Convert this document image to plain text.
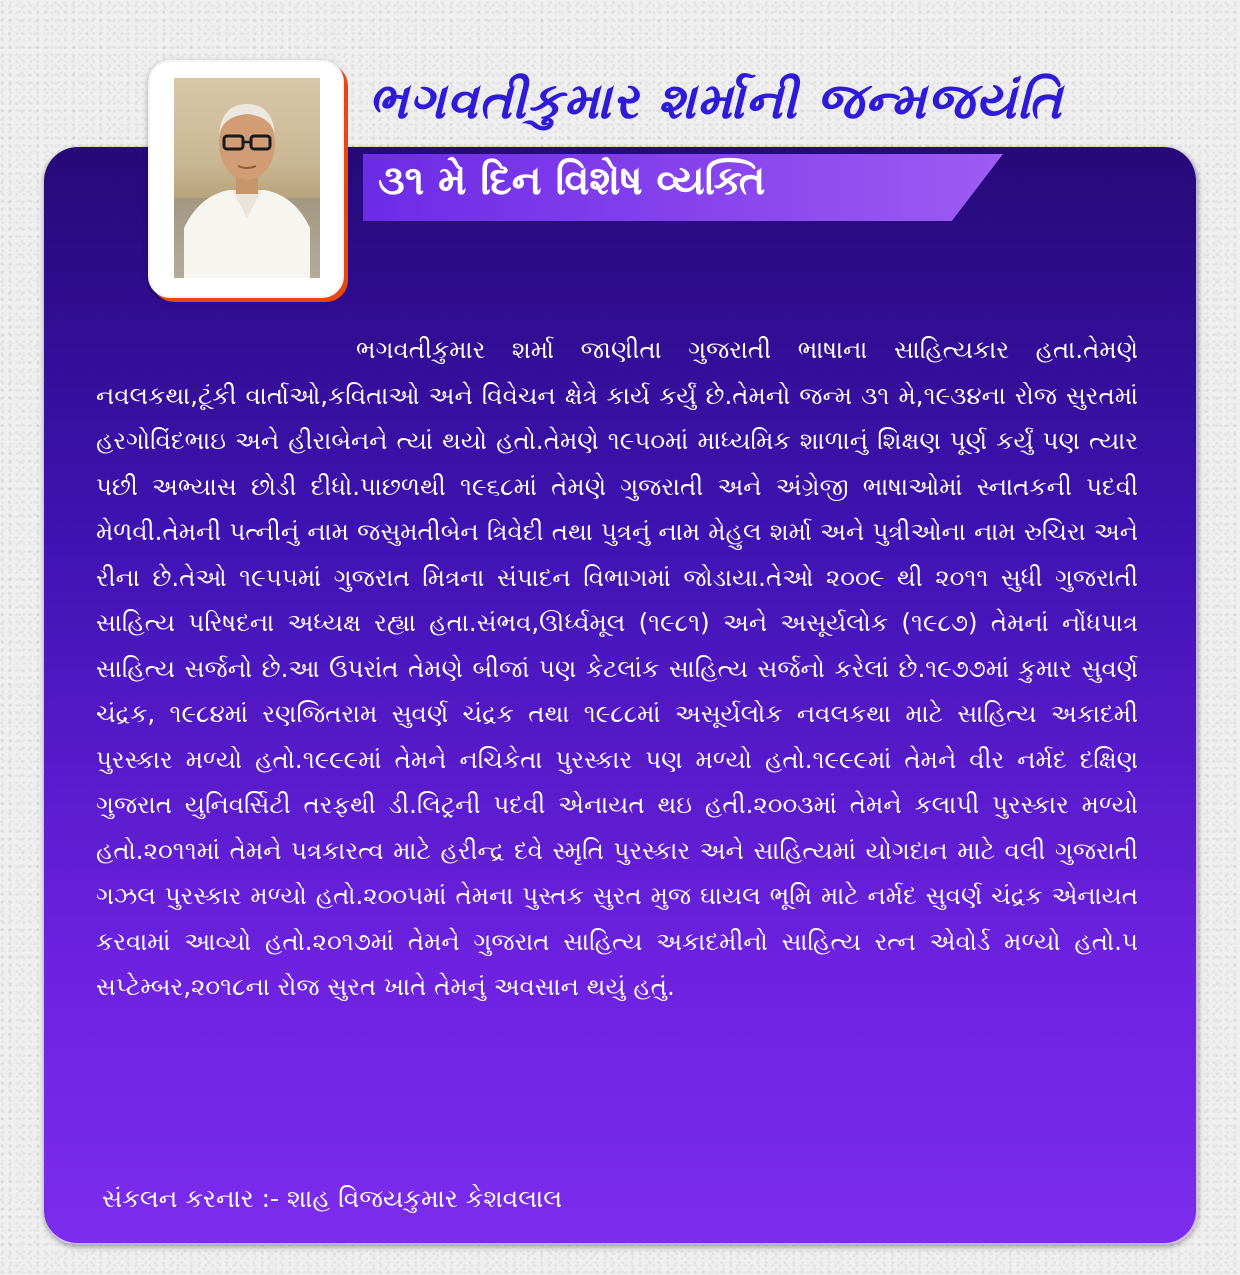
ભગવતીકુમાર શર્માની જન્મજયંતિ
૩૧ મે દિન વિશેષ વ્યક્તિ

ભગવતીકુમાર શર્મા જાણીતા ગુજરાતી ભાષાના સાહિત્યકાર હતા.તેમણે નવલકથા,ટૂંકી વાર્તાઓ,કવિતાઓ અને વિવેચન ક્ષેત્રે કાર્ય કર્યું છે.તેમનો જન્મ ૩૧ મે,૧૯૩૪ના રોજ સુરતમાં હરગોવિંદભાઇ અને હીરાબેનને ત્યાં થયો હતો.તેમણે ૧૯૫૦માં માધ્યમિક શાળાનું શિક્ષણ પૂર્ણ કર્યું પણ ત્યાર પછી અભ્યાસ છોડી દીધો.પાછળથી ૧૯૬૮માં તેમણે ગુજરાતી અને અંગ્રેજી ભાષાઓમાં સ્નાતકની પદવી મેળવી.તેમની પત્નીનું નામ જસુમતીબેન ત્રિવેદી તથા પુત્રનું નામ મેહુલ શર્મા અને પુત્રીઓના નામ રુચિરા અને રીના છે.તેઓ ૧૯૫૫માં ગુજરાત મિત્રના સંપાદન વિભાગમાં જોડાયા.તેઓ ૨૦૦૯ થી ૨૦૧૧ સુધી ગુજરાતી સાહિત્ય પરિષદના અધ્યક્ષ રહ્યા હતા.સંભવ,ઊર્ધ્વમૂલ (૧૯૮૧) અને અસૂર્યલોક (૧૯૮૭) તેમનાં નોંધપાત્ર સાહિત્ય સર્જનો છે.આ ઉપરાંત તેમણે બીજાં પણ કેટલાંક સાહિત્ય સર્જનો કરેલાં છે.૧૯૭૭માં કુમાર સુવર્ણ ચંદ્રક, ૧૯૮૪માં રણજિતરામ સુવર્ણ ચંદ્રક તથા ૧૯૮૮માં અસૂર્યલોક નવલકથા માટે સાહિત્ય અકાદમી પુરસ્કાર મળ્યો હતો.૧૯૯૯માં તેમને નચિકેતા પુરસ્કાર પણ મળ્યો હતો.૧૯૯૯માં તેમને વીર નર્મદ દક્ષિણ ગુજરાત યુનિવર્સિટી તરફથી ડી.લિટ્રની પદવી એનાયત થઇ હતી.૨૦૦૩માં તેમને કલાપી પુરસ્કાર મળ્યો હતો.૨૦૧૧માં તેમને પત્રકારત્વ માટે હરીન્દ્ર દવે સ્મૃતિ પુરસ્કાર અને સાહિત્યમાં યોગદાન માટે વલી ગુજરાતી ગઝલ પુરસ્કાર મળ્યો હતો.૨૦૦૫માં તેમના પુસ્તક સુરત મુજ ઘાયલ ભૂમિ માટે નર્મદ સુવર્ણ ચંદ્રક એનાયત કરવામાં આવ્યો હતો.૨૦૧૭માં તેમને ગુજરાત સાહિત્ય અકાદમીનો સાહિત્ય રત્ન એવોર્ડ મળ્યો હતો.૫ સપ્ટેમ્બર,૨૦૧૮ના રોજ સુરત ખાતે તેમનું અવસાન થયું હતું.

સંકલન કરનાર :- શાહ વિજયકુમાર કેશવલાલ
